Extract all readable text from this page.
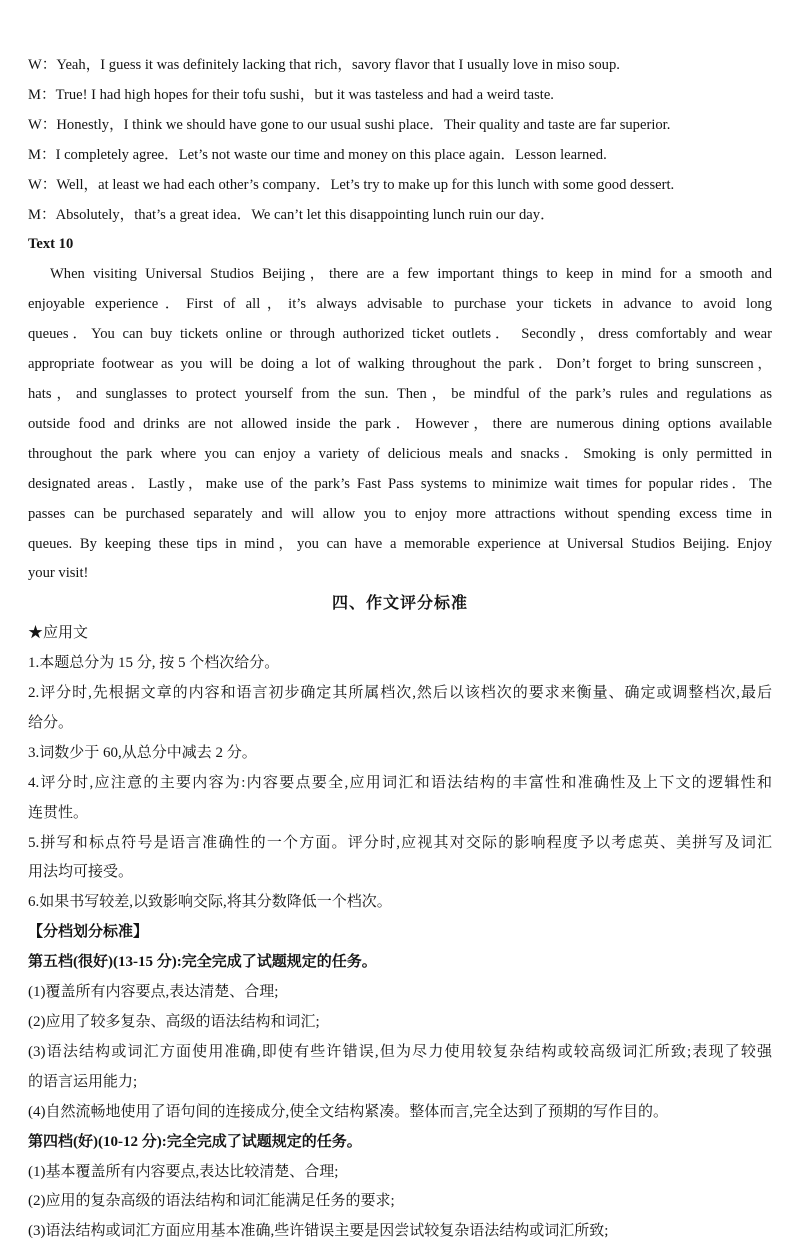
W：Yeah，I guess it was definitely lacking that rich，savory flavor that I usually love in miso soup.
M：True! I had high hopes for their tofu sushi，but it was tasteless and had a weird taste.
W：Honestly，I think we should have gone to our usual sushi place．Their quality and taste are far superior.
M：I completely agree．Let’s not waste our time and money on this place again．Lesson learned.
W：Well，at least we had each other’s company．Let’s try to make up for this lunch with some good dessert.
M：Absolutely，that’s a great idea．We can’t let this disappointing lunch ruin our day．
Text 10
When visiting Universal Studios Beijing，there are a few important things to keep in mind for a smooth and
enjoyable experience．First of all，it’s always advisable to purchase your tickets in advance to avoid long
queues．You can buy tickets online or through authorized ticket outlets． Secondly，dress comfortably and wear
appropriate footwear as you will be doing a lot of walking throughout the park．Don’t forget to bring sunscreen，
hats，and sunglasses to protect yourself from the sun. Then，be mindful of the park’s rules and regulations as
outside food and drinks are not allowed inside the park．However，there are numerous dining options available
throughout the park where you can enjoy a variety of delicious meals and snacks．Smoking is only permitted in
designated areas．Lastly，make use of the park’s Fast Pass systems to minimize wait times for popular rides．The
passes can be purchased separately and will allow you to enjoy more attractions without spending excess time in
queues. By keeping these tips in mind，you can have a memorable experience at Universal Studios Beijing. Enjoy
your visit!
四、作文评分标准
★应用文
1.本题总分为 15 分, 按 5 个档次给分。
2.评分时,先根据文章的内容和语言初步确定其所属档次,然后以该档次的要求来衡量、确定或调整档次,最后
给分。
3.词数少于 60,从总分中减去 2 分。
4.评分时,应注意的主要内容为:内容要点要全,应用词汇和语法结构的丰富性和准确性及上下文的逻辑性和
连贯性。
5.拼写和标点符号是语言准确性的一个方面。评分时,应视其对交际的影响程度予以考虑英、美拼写及词汇
用法均可接受。
6.如果书写较差,以致影响交际,将其分数降低一个档次。
【分档划分标准】
第五档(很好)(13-15 分):完全完成了试题规定的任务。
(1)覆盖所有内容要点,表达清楚、合理;
(2)应用了较多复杂、高级的语法结构和词汇;
(3)语法结构或词汇方面使用准确,即使有些许错误,但为尽力使用较复杂结构或较高级词汇所致;表现了较强
的语言运用能力;
(4)自然流畅地使用了语句间的连接成分,使全文结构紧凑。整体而言,完全达到了预期的写作目的。
第四档(好)(10-12 分):完全完成了试题规定的任务。
(1)基本覆盖所有内容要点,表达比较清楚、合理;
(2)应用的复杂高级的语法结构和词汇能满足任务的要求;
(3)语法结构或词汇方面应用基本准确,些许错误主要是因尝试较复杂语法结构或词汇所致;
